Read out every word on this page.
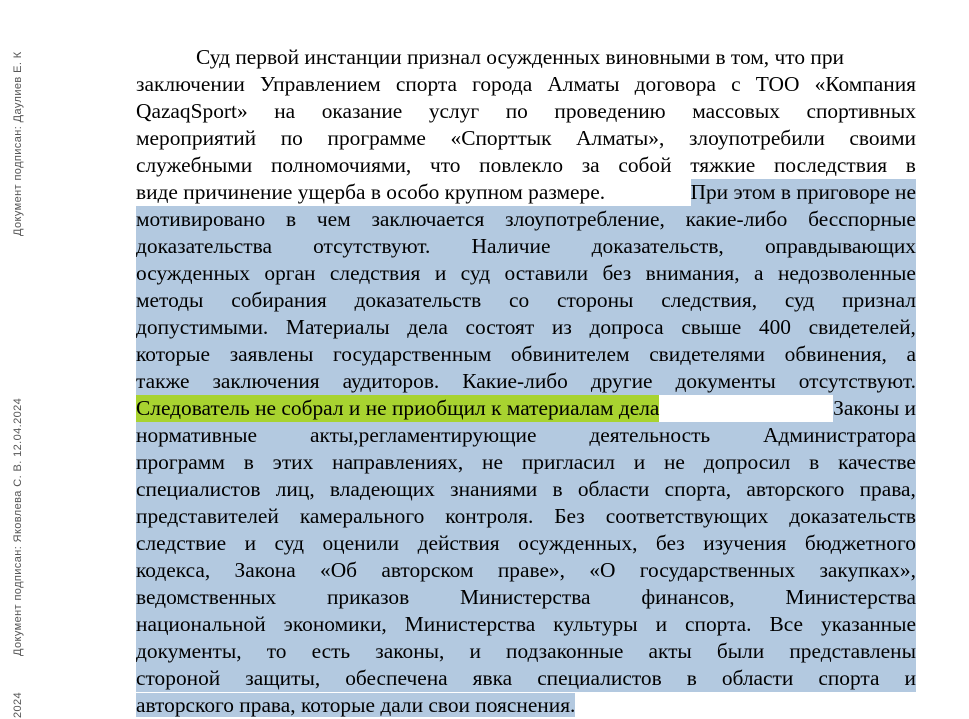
Документ подписан: Даулиев Е. К
Документ подписан: Яковлева С. В. 12.04.2024
2024
Суд первой инстанции признал осужденных виновными в том, что при
заключении Управлением спорта города Алматы договора с ТОО «Компания
QazaqSport» на оказание услуг по проведению массовых спортивных
мероприятий по программе «Спорттык Алматы», злоупотребили своими
служебными полномочиями, что повлекло за собой тяжкие последствия в
виде причинение ущерба в особо крупном размере.	При этом в приговоре не
мотивировано в чем заключается злоупотребление, какие-либо бесспорные
доказательства отсутствуют. Наличие доказательств, оправдывающих
осужденных орган следствия и суд оставили без внимания, а недозволенные
методы собирания доказательств со стороны следствия, суд признал
допустимыми. Материалы дела состоят из допроса свыше 400 свидетелей,
которые заявлены государственным обвинителем свидетелями обвинения, а
также заключения аудиторов. Какие-либо другие документы отсутствуют.
Следователь не собрал и не приобщил к материалам дела	Законы и
нормативные акты,регламентирующие деятельность Администратора
программ в этих направлениях, не пригласил и не допросил в качестве
специалистов лиц, владеющих знаниями в области спорта, авторского права,
представителей камерального контроля. Без соответствующих доказательств
следствие и суд оценили действия осужденных, без изучения бюджетного
кодекса, Закона «Об авторском праве», «О государственных закупках»,
ведомственных приказов Министерства финансов, Министерства
национальной экономики, Министерства культуры и спорта. Все указанные
документы, то есть законы, и подзаконные акты были представлены
стороной защиты, обеспечена явка специалистов в области спорта и
авторского права, которые дали свои пояснения.
